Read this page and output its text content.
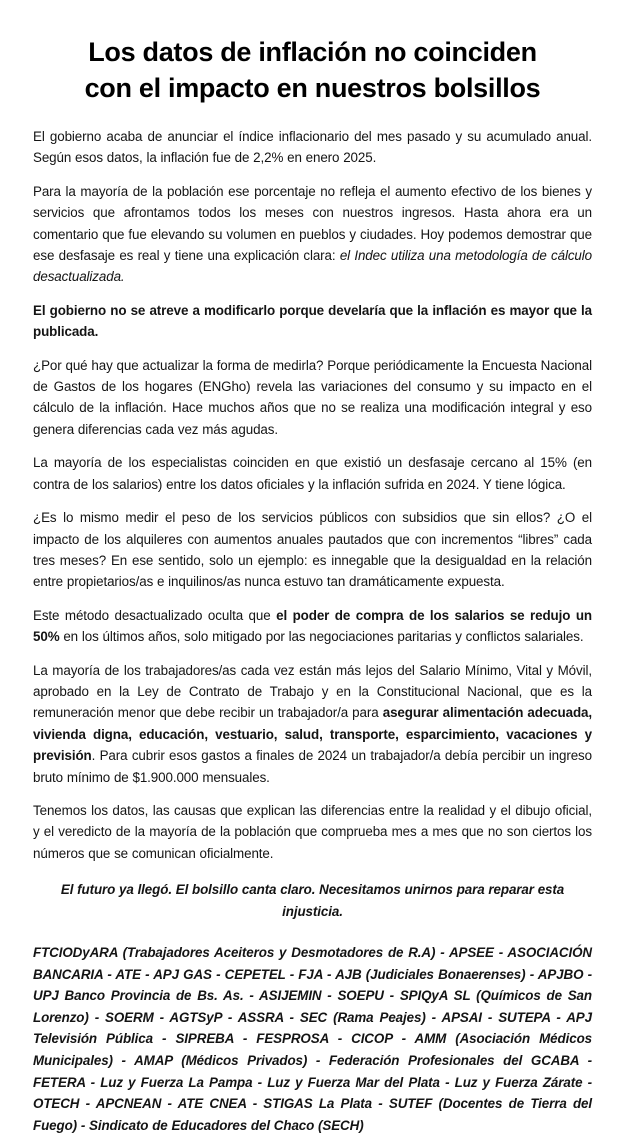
Los datos de inflación no coinciden
con el impacto en nuestros bolsillos

El gobierno acaba de anunciar el índice inflacionario del mes pasado y su acumulado anual. Según esos datos, la inflación fue de 2,2% en enero 2025.

Para la mayoría de la población ese porcentaje no refleja el aumento efectivo de los bienes y servicios que afrontamos todos los meses con nuestros ingresos. Hasta ahora era un comentario que fue elevando su volumen en pueblos y ciudades. Hoy podemos demostrar que ese desfasaje es real y tiene una explicación clara: el Indec utiliza una metodología de cálculo desactualizada.

El gobierno no se atreve a modificarlo porque develaría que la inflación es mayor que la publicada.

¿Por qué hay que actualizar la forma de medirla? Porque periódicamente la Encuesta Nacional de Gastos de los hogares (ENGho) revela las variaciones del consumo y su impacto en el cálculo de la inflación. Hace muchos años que no se realiza una modificación integral y eso genera diferencias cada vez más agudas.

La mayoría de los especialistas coinciden en que existió un desfasaje cercano al 15% (en contra de los salarios) entre los datos oficiales y la inflación sufrida en 2024. Y tiene lógica.

¿Es lo mismo medir el peso de los servicios públicos con subsidios que sin ellos? ¿O el impacto de los alquileres con aumentos anuales pautados que con incrementos “libres” cada tres meses? En ese sentido, solo un ejemplo: es innegable que la desigualdad en la relación entre propietarios/as e inquilinos/as nunca estuvo tan dramáticamente expuesta.

Este método desactualizado oculta que el poder de compra de los salarios se redujo un 50% en los últimos años, solo mitigado por las negociaciones paritarias y conflictos salariales.

La mayoría de los trabajadores/as cada vez están más lejos del Salario Mínimo, Vital y Móvil, aprobado en la Ley de Contrato de Trabajo y en la Constitucional Nacional, que es la remuneración menor que debe recibir un trabajador/a para asegurar alimentación adecuada, vivienda digna, educación, vestuario, salud, transporte, esparcimiento, vacaciones y previsión. Para cubrir esos gastos a finales de 2024 un trabajador/a debía percibir un ingreso bruto mínimo de $1.900.000 mensuales.

Tenemos los datos, las causas que explican las diferencias entre la realidad y el dibujo oficial, y el veredicto de la mayoría de la población que comprueba mes a mes que no son ciertos los números que se comunican oficialmente.

El futuro ya llegó. El bolsillo canta claro. Necesitamos unirnos para reparar esta injusticia.

FTCIODyARA (Trabajadores Aceiteros y Desmotadores de R.A) - APSEE - ASOCIACIÓN BANCARIA - ATE - APJ GAS - CEPETEL - FJA - AJB (Judiciales Bonaerenses) - APJBO - UPJ Banco Provincia de Bs. As. - ASIJEMIN - SOEPU - SPIQyA SL (Químicos de San Lorenzo) - SOERM - AGTSyP - ASSRA - SEC (Rama Peajes) - APSAI - SUTEPA - APJ Televisión Pública - SIPREBA - FESPROSA - CICOP - AMM (Asociación Médicos Municipales) - AMAP (Médicos Privados) - Federación Profesionales del GCABA - FETERA - Luz y Fuerza La Pampa - Luz y Fuerza Mar del Plata - Luz y Fuerza Zárate - OTECH - APCNEAN - ATE CNEA - STIGAS La Plata - SUTEF (Docentes de Tierra del Fuego) - Sindicato de Educadores del Chaco (SECH)
